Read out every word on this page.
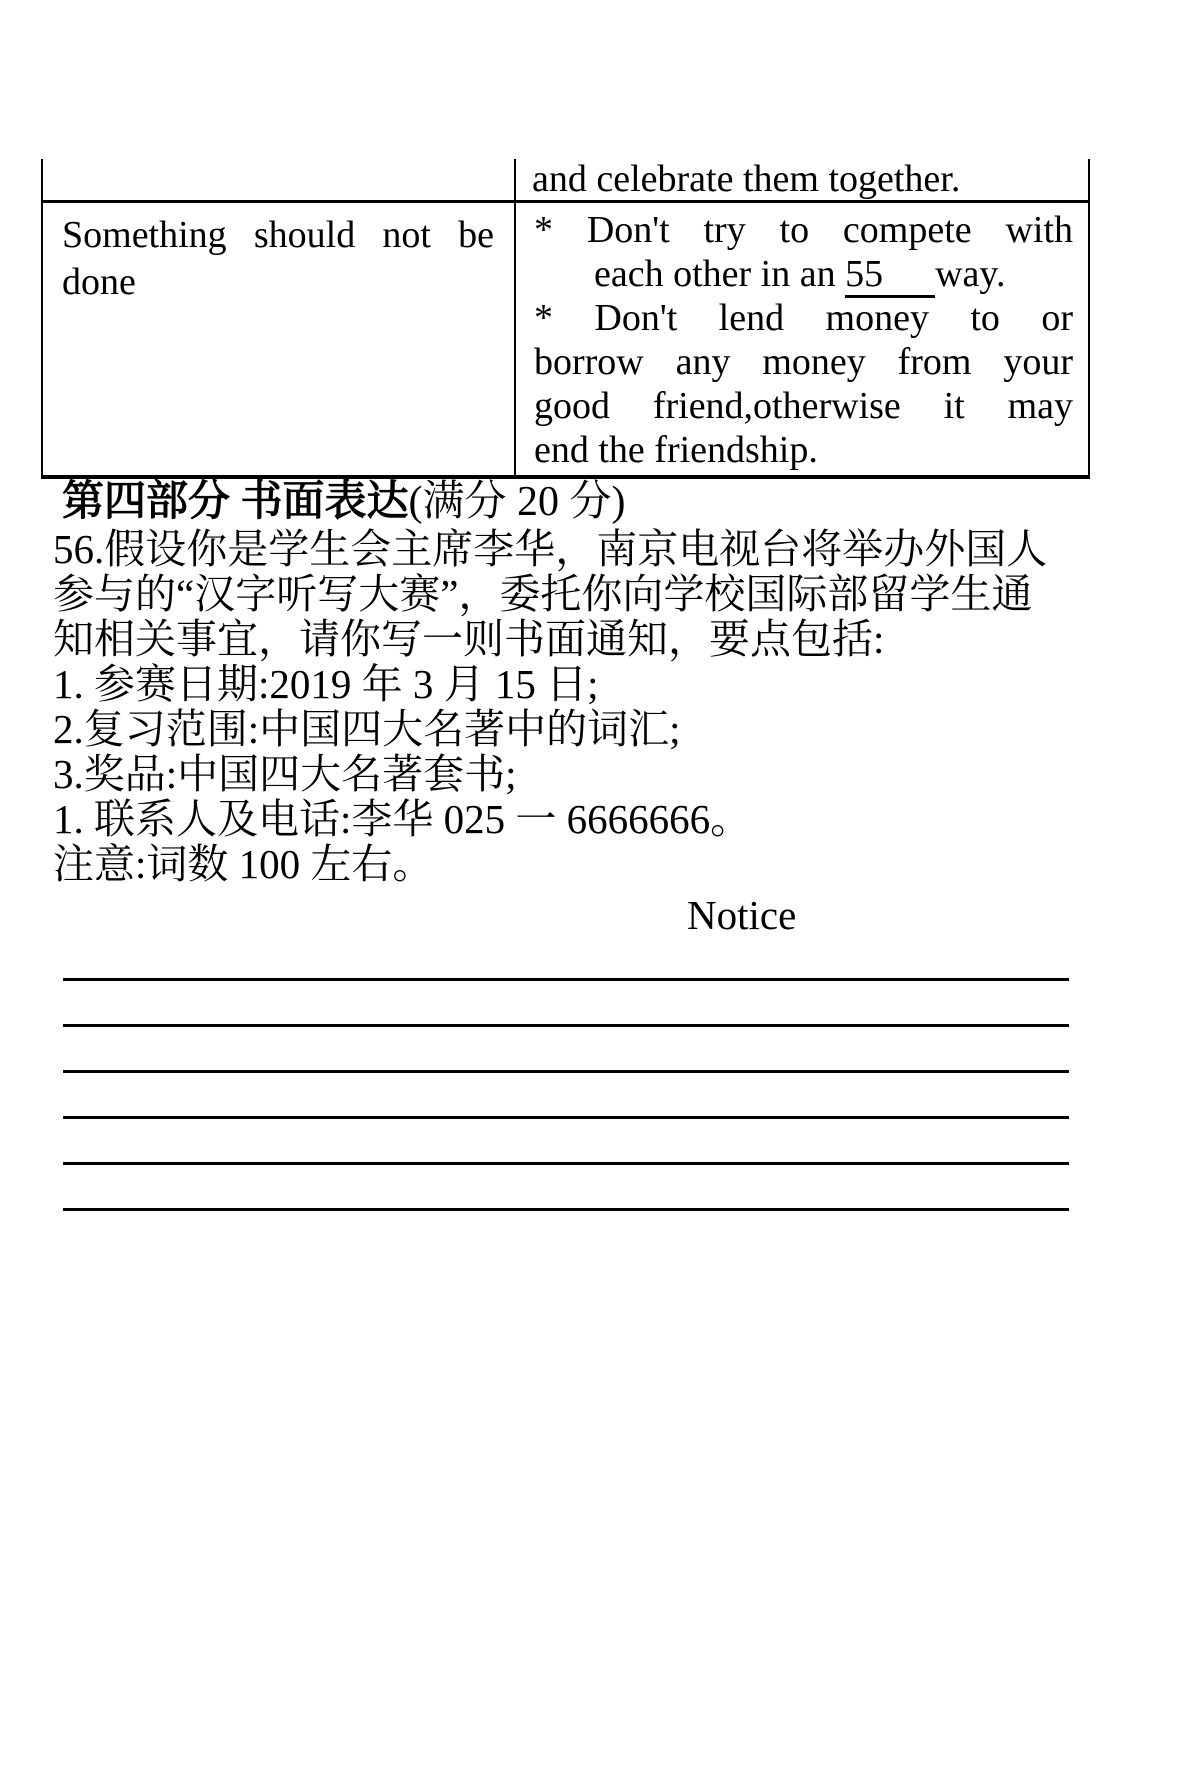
and celebrate them together.
Something should not be
done
* Don't try to compete with
each other in an 55 way.
* Don't lend money to or
borrow any money from your
good friend,otherwise it may
end the friendship.
第四部分 书面表达(满分 20 分)
56.假设你是学生会主席李华，南京电视台将举办外国人
参与的“汉字听写大赛”，委托你向学校国际部留学生通
知相关事宜，请你写一则书面通知，要点包括:
1. 参赛日期:2019 年 3 月 15 日;
2.复习范围:中国四大名著中的词汇;
3.奖品:中国四大名著套书;
1. 联系人及电话:李华 025 一 6666666。
注意:词数 100 左右。
Notice
